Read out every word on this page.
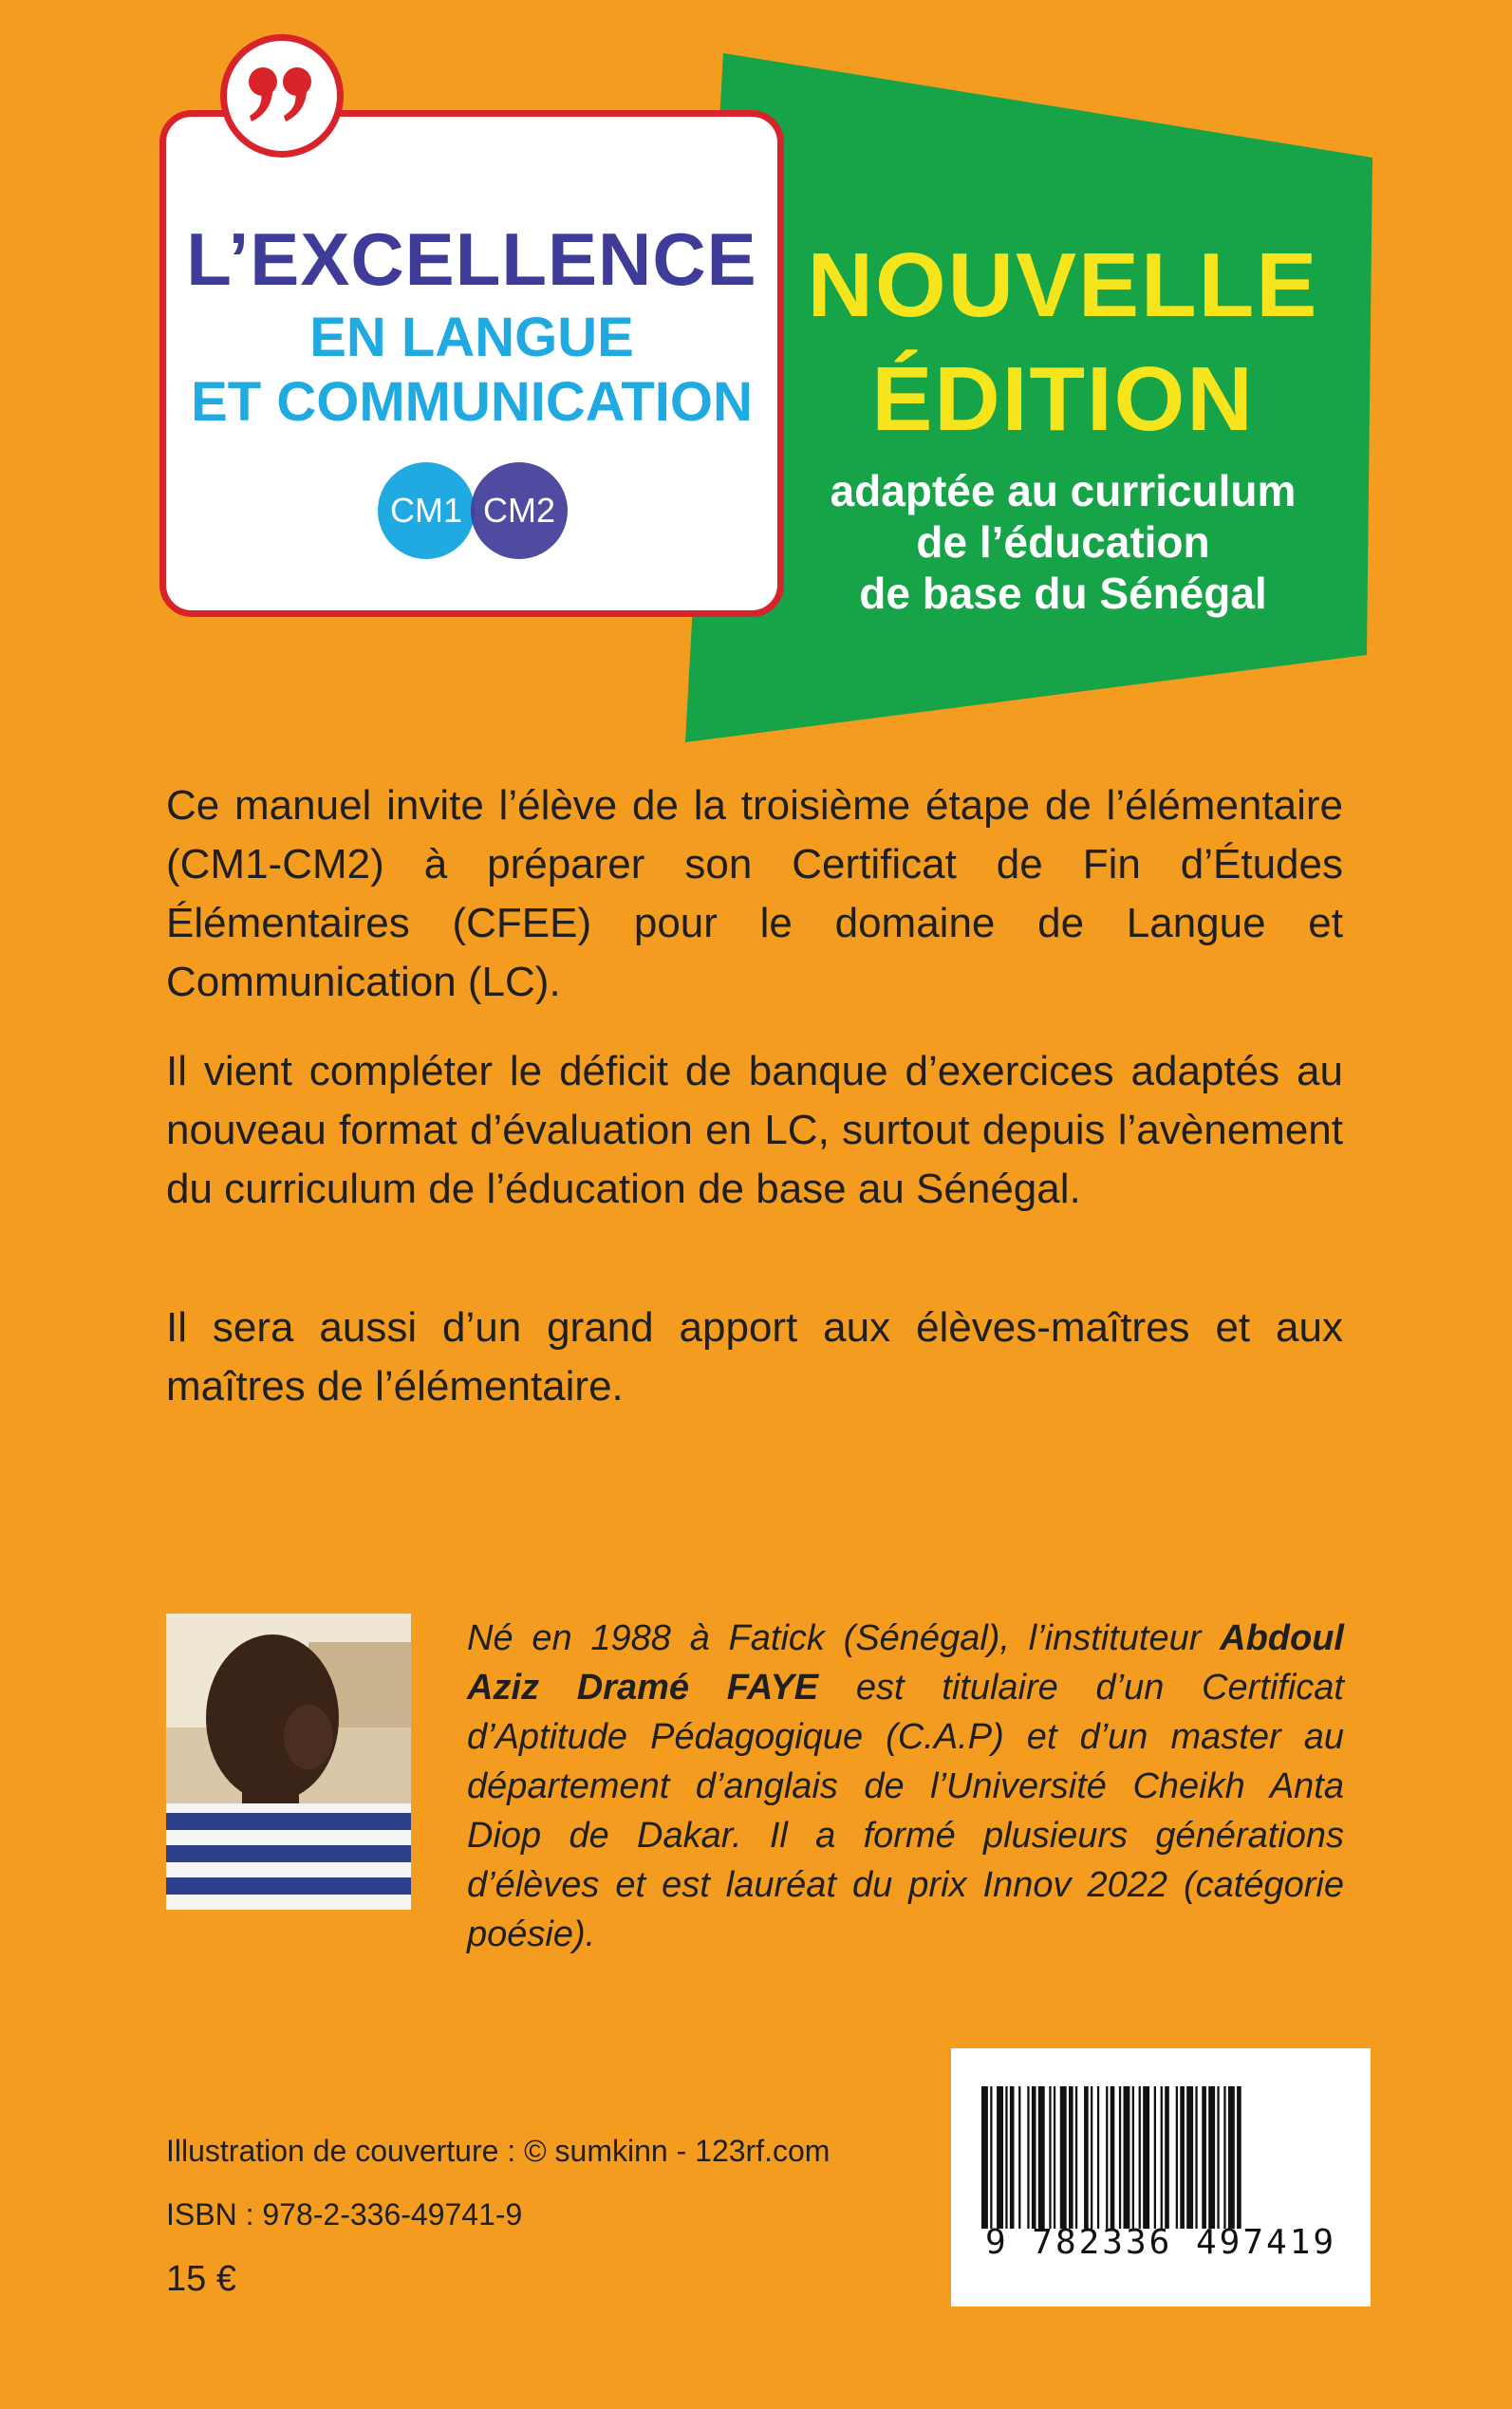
L’EXCELLENCE
EN LANGUE
ET COMMUNICATION
CM1 CM2
NOUVELLE
ÉDITION
adaptée au curriculum
de l’éducation
de base du Sénégal
Ce manuel invite l’élève de la troisième étape de l’élémentaire (CM1-CM2) à préparer son Certificat de Fin d’Études Élémentaires (CFEE) pour le domaine de Langue et Communication (LC).
Il vient compléter le déficit de banque d’exercices adaptés au nouveau format d’évaluation en LC, surtout depuis l’avènement du curriculum de l’éducation de base au Sénégal.
Il sera aussi d’un grand apport aux élèves-maîtres et aux maîtres de l’élémentaire.
Né en 1988 à Fatick (Sénégal), l’instituteur Abdoul Aziz Dramé FAYE est titulaire d’un Certificat d’Aptitude Pédagogique (C.A.P) et d’un master au département d’anglais de l’Université Cheikh Anta Diop de Dakar. Il a formé plusieurs générations d’élèves et est lauréat du prix Innov 2022 (catégorie poésie).
Illustration de couverture : © sumkinn - 123rf.com
ISBN : 978-2-336-49741-9
15 €
9 782336 497419
